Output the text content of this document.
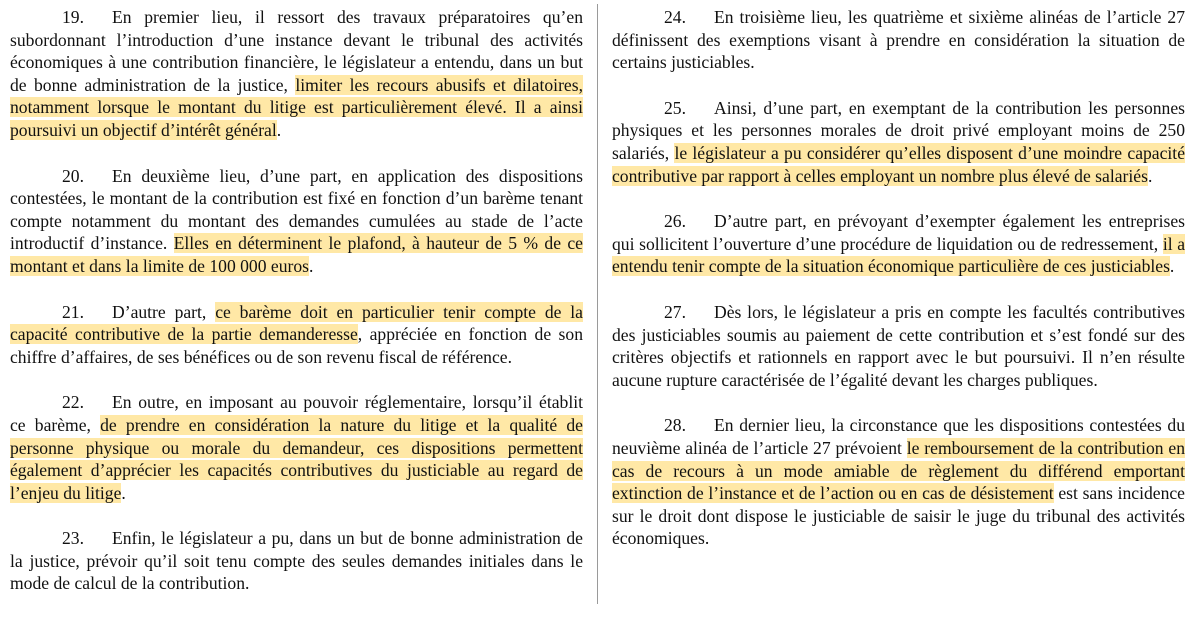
19. En premier lieu, il ressort des travaux préparatoires qu’en subordonnant l’introduction d’une instance devant le tribunal des activités économiques à une contribution financière, le législateur a entendu, dans un but de bonne administration de la justice, limiter les recours abusifs et dilatoires, notamment lorsque le montant du litige est particulièrement élevé. Il a ainsi poursuivi un objectif d’intérêt général.

20. En deuxième lieu, d’une part, en application des dispositions contestées, le montant de la contribution est fixé en fonction d’un barème tenant compte notamment du montant des demandes cumulées au stade de l’acte introductif d’instance. Elles en déterminent le plafond, à hauteur de 5 % de ce montant et dans la limite de 100 000 euros.

21. D’autre part, ce barème doit en particulier tenir compte de la capacité contributive de la partie demanderesse, appréciée en fonction de son chiffre d’affaires, de ses bénéfices ou de son revenu fiscal de référence.

22. En outre, en imposant au pouvoir réglementaire, lorsqu’il établit ce barème, de prendre en considération la nature du litige et la qualité de personne physique ou morale du demandeur, ces dispositions permettent également d’apprécier les capacités contributives du justiciable au regard de l’enjeu du litige.

23. Enfin, le législateur a pu, dans un but de bonne administration de la justice, prévoir qu’il soit tenu compte des seules demandes initiales dans le mode de calcul de la contribution.

24. En troisième lieu, les quatrième et sixième alinéas de l’article 27 définissent des exemptions visant à prendre en considération la situation de certains justiciables.

25. Ainsi, d’une part, en exemptant de la contribution les personnes physiques et les personnes morales de droit privé employant moins de 250 salariés, le législateur a pu considérer qu’elles disposent d’une moindre capacité contributive par rapport à celles employant un nombre plus élevé de salariés.

26. D’autre part, en prévoyant d’exempter également les entreprises qui sollicitent l’ouverture d’une procédure de liquidation ou de redressement, il a entendu tenir compte de la situation économique particulière de ces justiciables.

27. Dès lors, le législateur a pris en compte les facultés contributives des justiciables soumis au paiement de cette contribution et s’est fondé sur des critères objectifs et rationnels en rapport avec le but poursuivi. Il n’en résulte aucune rupture caractérisée de l’égalité devant les charges publiques.

28. En dernier lieu, la circonstance que les dispositions contestées du neuvième alinéa de l’article 27 prévoient le remboursement de la contribution en cas de recours à un mode amiable de règlement du différend emportant extinction de l’instance et de l’action ou en cas de désistement est sans incidence sur le droit dont dispose le justiciable de saisir le juge du tribunal des activités économiques.
